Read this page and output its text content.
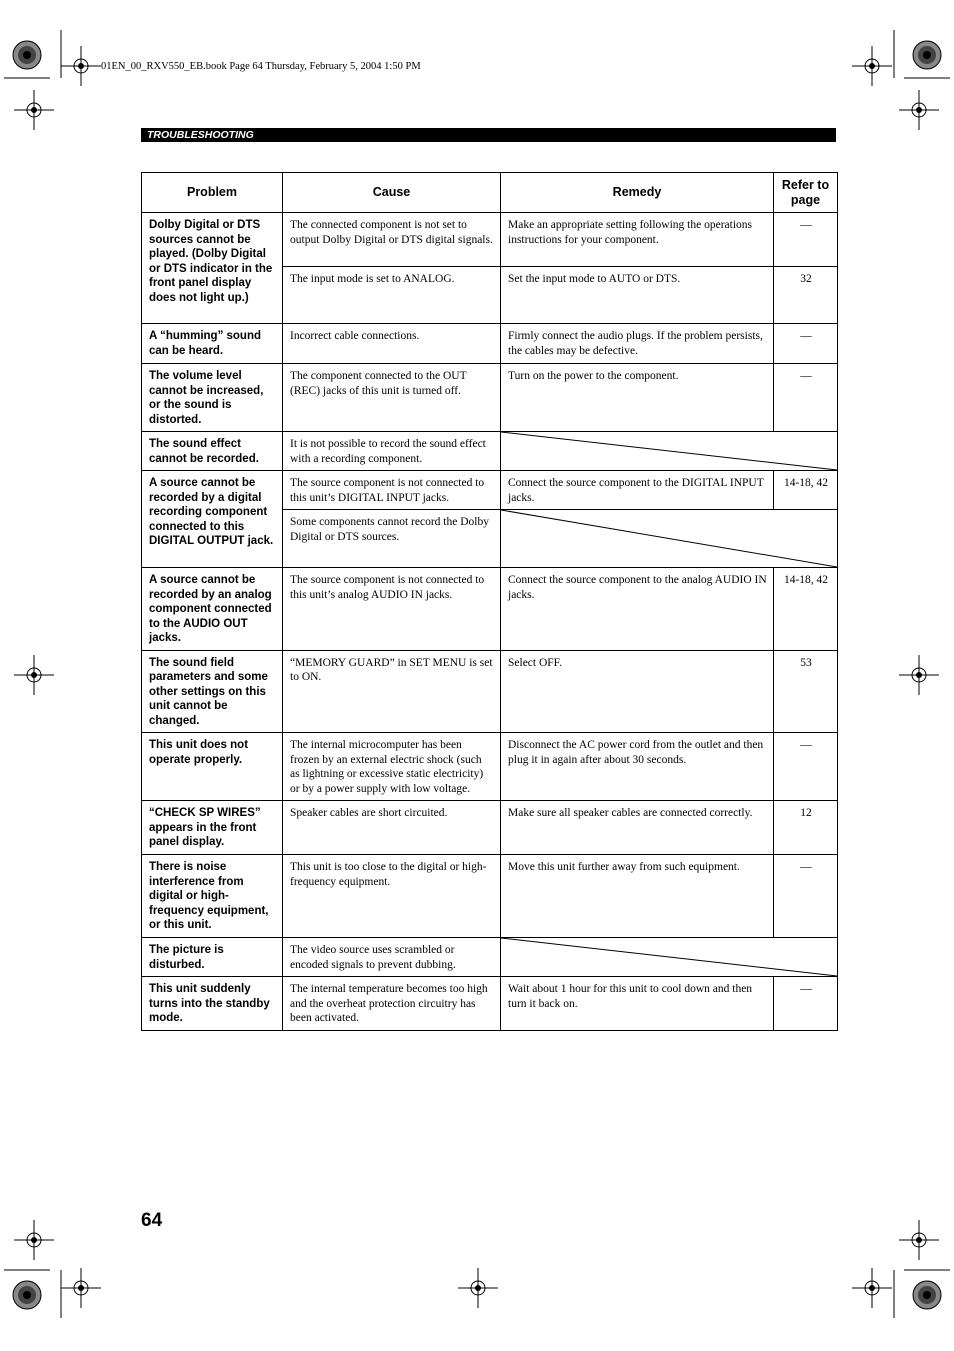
01EN_00_RXV550_EB.book Page 64 Thursday, February 5, 2004 1:50 PM
TROUBLESHOOTING
Problem	Cause	Remedy	Refer to page
Dolby Digital or DTS sources cannot be played. (Dolby Digital or DTS indicator in the front panel display does not light up.)	The connected component is not set to output Dolby Digital or DTS digital signals.	Make an appropriate setting following the operations instructions for your component.	—
	The input mode is set to ANALOG.	Set the input mode to AUTO or DTS.	32
A “humming” sound can be heard.	Incorrect cable connections.	Firmly connect the audio plugs. If the problem persists, the cables may be defective.	—
The volume level cannot be increased, or the sound is distorted.	The component connected to the OUT (REC) jacks of this unit is turned off.	Turn on the power to the component.	—
The sound effect cannot be recorded.	It is not possible to record the sound effect with a recording component.	

A source cannot be recorded by a digital recording component connected to this DIGITAL OUTPUT jack.	The source component is not connected to this unit’s DIGITAL INPUT jacks.	Connect the source component to the DIGITAL INPUT jacks.	14-18, 42
	Some components cannot record the Dolby Digital or DTS sources.	

A source cannot be recorded by an analog component connected to the AUDIO OUT jacks.	The source component is not connected to this unit’s analog AUDIO IN jacks.	Connect the source component to the analog AUDIO IN jacks.	14-18, 42
The sound field parameters and some other settings on this unit cannot be changed.	“MEMORY GUARD” in SET MENU is set to ON.	Select OFF.	53
This unit does not operate properly.	The internal microcomputer has been frozen by an external electric shock (such as lightning or excessive static electricity) or by a power supply with low voltage.	Disconnect the AC power cord from the outlet and then plug it in again after about 30 seconds.	—
“CHECK SP WIRES” appears in the front panel display.	Speaker cables are short circuited.	Make sure all speaker cables are connected correctly.	12
There is noise interference from digital or high-frequency equipment, or this unit.	This unit is too close to the digital or high-frequency equipment.	Move this unit further away from such equipment.	—
The picture is disturbed.	The video source uses scrambled or encoded signals to prevent dubbing.	

This unit suddenly turns into the standby mode.	The internal temperature becomes too high and the overheat protection circuitry has been activated.	Wait about 1 hour for this unit to cool down and then turn it back on.	—
64
